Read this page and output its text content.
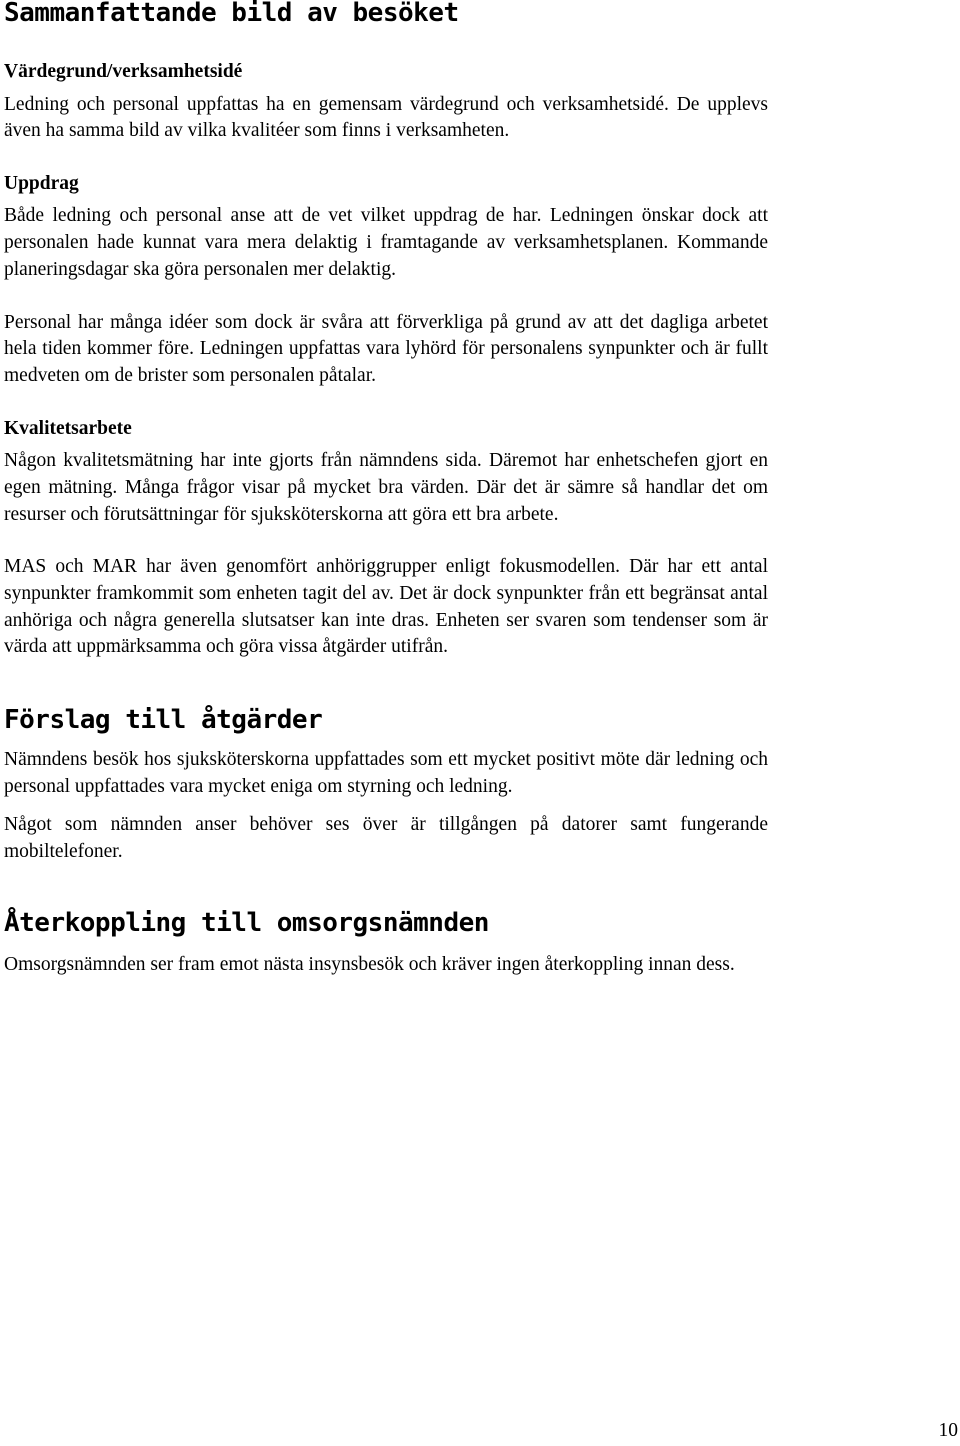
Sammanfattande bild av besöket
Värdegrund/verksamhetsidé

Ledning och personal uppfattas ha en gemensam värdegrund och verksamhetsidé. De upplevs även ha samma bild av vilka kvalitéer som finns i verksamheten.

Uppdrag

Både ledning och personal anse att de vet vilket uppdrag de har. Ledningen önskar dock att personalen hade kunnat vara mera delaktig i framtagande av verksamhetsplanen. Kommande planeringsdagar ska göra personalen mer delaktig.

Personal har många idéer som dock är svåra att förverkliga på grund av att det dagliga arbetet hela tiden kommer före. Ledningen uppfattas vara lyhörd för personalens synpunkter och är fullt medveten om de brister som personalen påtalar.

Kvalitetsarbete

Någon kvalitetsmätning har inte gjorts från nämndens sida. Däremot har enhetschefen gjort en egen mätning. Många frågor visar på mycket bra värden. Där det är sämre så handlar det om resurser och förutsättningar för sjuksköterskorna att göra ett bra arbete.

MAS och MAR har även genomfört anhöriggrupper enligt fokusmodellen. Där har ett antal synpunkter framkommit som enheten tagit del av. Det är dock synpunkter från ett begränsat antal anhöriga och några generella slutsatser kan inte dras. Enheten ser svaren som tendenser som är värda att uppmärksamma och göra vissa åtgärder utifrån.

Förslag till åtgärder

Nämndens besök hos sjuksköterskorna uppfattades som ett mycket positivt möte där ledning och personal uppfattades vara mycket eniga om styrning och ledning.

Något som nämnden anser behöver ses över är tillgången på datorer samt fungerande mobiltelefoner.

Återkoppling till omsorgsnämnden

Omsorgsnämnden ser fram emot nästa insynsbesök och kräver ingen återkoppling innan dess.

10
